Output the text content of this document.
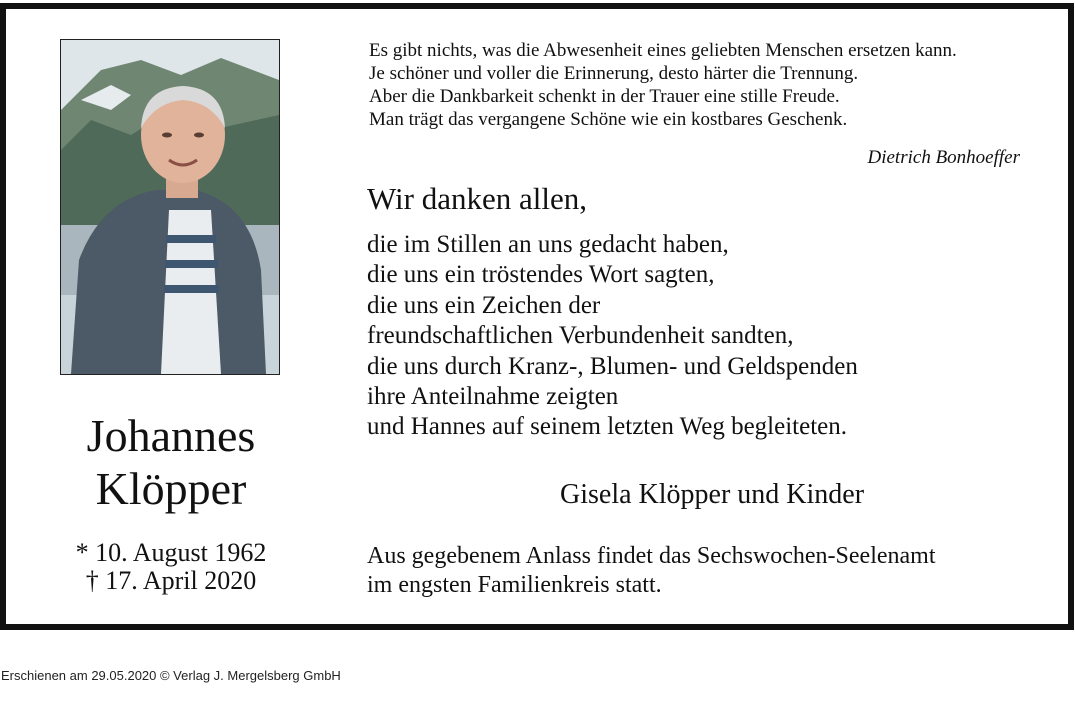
Johannes
Klöpper
* 10. August 1962
† 17. April 2020
Es gibt nichts, was die Abwesenheit eines geliebten Menschen ersetzen kann.
Je schöner und voller die Erinnerung, desto härter die Trennung.
Aber die Dankbarkeit schenkt in der Trauer eine stille Freude.
Man trägt das vergangene Schöne wie ein kostbares Geschenk.
Dietrich Bonhoeffer
Wir danken allen,
die im Stillen an uns gedacht haben,
die uns ein tröstendes Wort sagten,
die uns ein Zeichen der
freundschaftlichen Verbundenheit sandten,
die uns durch Kranz-, Blumen- und Geldspenden
ihre Anteilnahme zeigten
und Hannes auf seinem letzten Weg begleiteten.
Gisela Klöpper und Kinder
Aus gegebenem Anlass findet das Sechswochen-Seelenamt
im engsten Familienkreis statt.
Erschienen am 29.05.2020 © Verlag J. Mergelsberg GmbH
